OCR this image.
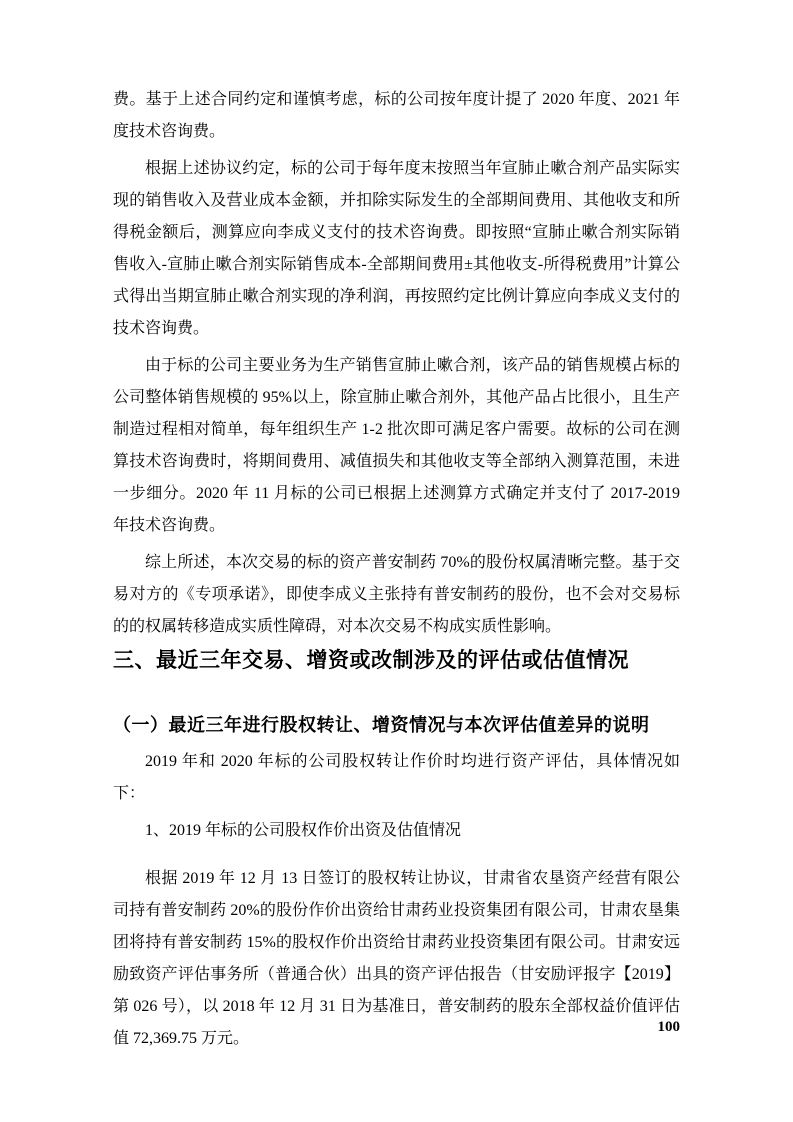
费。基于上述合同约定和谨慎考虑，标的公司按年度计提了 2020 年度、2021 年度技术咨询费。

根据上述协议约定，标的公司于每年度末按照当年宣肺止嗽合剂产品实际实现的销售收入及营业成本金额，并扣除实际发生的全部期间费用、其他收支和所得税金额后，测算应向李成义支付的技术咨询费。即按照“宣肺止嗽合剂实际销售收入-宣肺止嗽合剂实际销售成本-全部期间费用±其他收支-所得税费用”计算公式得出当期宣肺止嗽合剂实现的净利润，再按照约定比例计算应向李成义支付的技术咨询费。

由于标的公司主要业务为生产销售宣肺止嗽合剂，该产品的销售规模占标的公司整体销售规模的 95%以上，除宣肺止嗽合剂外，其他产品占比很小，且生产制造过程相对简单，每年组织生产 1-2 批次即可满足客户需要。故标的公司在测算技术咨询费时，将期间费用、减值损失和其他收支等全部纳入测算范围，未进一步细分。2020 年 11 月标的公司已根据上述测算方式确定并支付了 2017-2019 年技术咨询费。

综上所述，本次交易的标的资产普安制药 70%的股份权属清晰完整。基于交易对方的《专项承诺》，即使李成义主张持有普安制药的股份，也不会对交易标的的权属转移造成实质性障碍，对本次交易不构成实质性影响。

三、最近三年交易、增资或改制涉及的评估或估值情况
（一）最近三年进行股权转让、增资情况与本次评估值差异的说明

2019 年和 2020 年标的公司股权转让作价时均进行资产评估，具体情况如下：

1、2019 年标的公司股权作价出资及估值情况

根据 2019 年 12 月 13 日签订的股权转让协议，甘肃省农垦资产经营有限公司持有普安制药 20%的股份作价出资给甘肃药业投资集团有限公司，甘肃农垦集团将持有普安制药 15%的股权作价出资给甘肃药业投资集团有限公司。甘肃安远励致资产评估事务所（普通合伙）出具的资产评估报告（甘安励评报字【2019】第 026 号），以 2018 年 12 月 31 日为基准日，普安制药的股东全部权益价值评估值 72,369.75 万元。

100
